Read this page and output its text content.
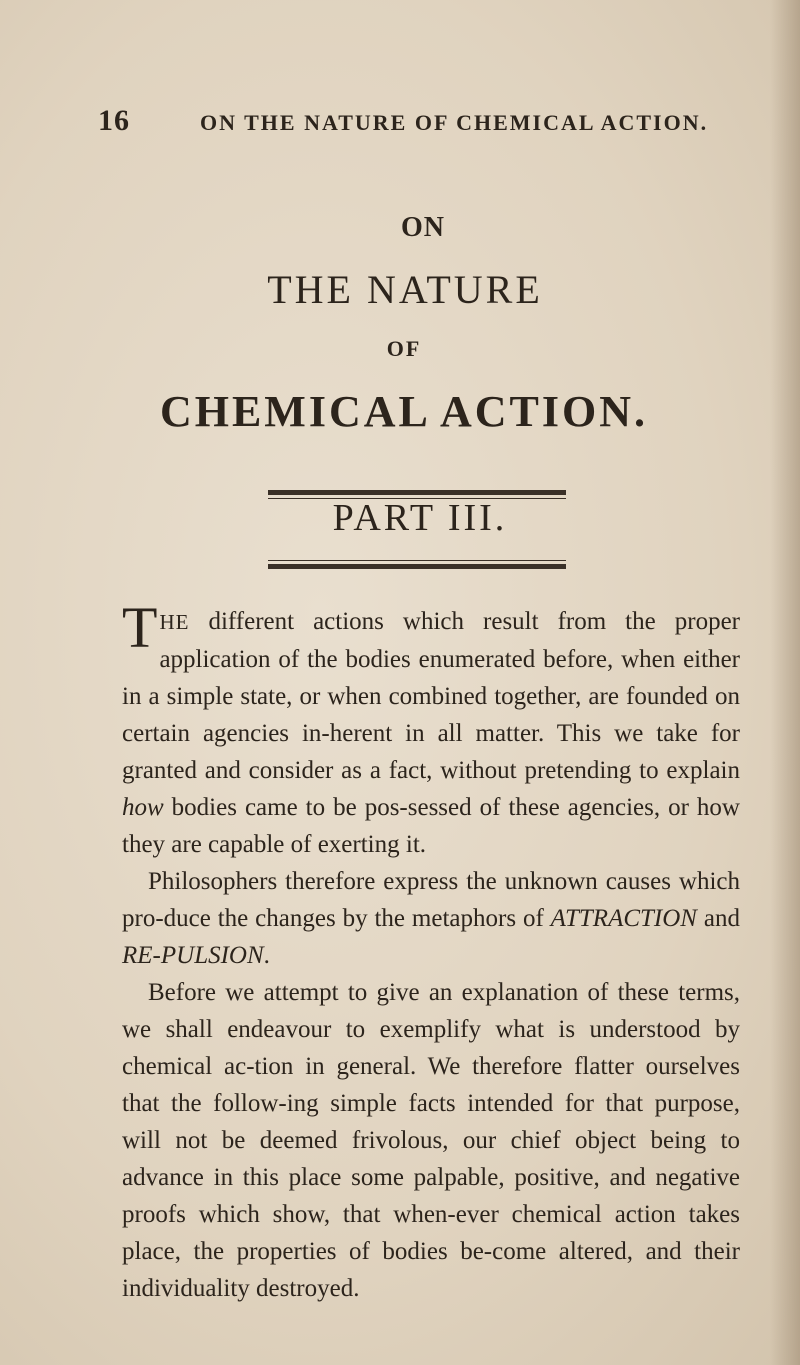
16	ON THE NATURE OF CHEMICAL ACTION.
ON
THE NATURE
OF
CHEMICAL ACTION.
PART III.

THE different actions which result from the proper application of the bodies enumerated before, when either in a simple state, or when combined together, are founded on certain agencies in-herent in all matter. This we take for granted and consider as a fact, without pretending to explain how bodies came to be pos-sessed of these agencies, or how they are capable of exerting it.

Philosophers therefore express the unknown causes which pro-duce the changes by the metaphors of ATTRACTION and RE-PULSION.

Before we attempt to give an explanation of these terms, we shall endeavour to exemplify what is understood by chemical ac-tion in general. We therefore flatter ourselves that the follow-ing simple facts intended for that purpose, will not be deemed frivolous, our chief object being to advance in this place some palpable, positive, and negative proofs which show, that when-ever chemical action takes place, the properties of bodies be-come altered, and their individuality destroyed.
